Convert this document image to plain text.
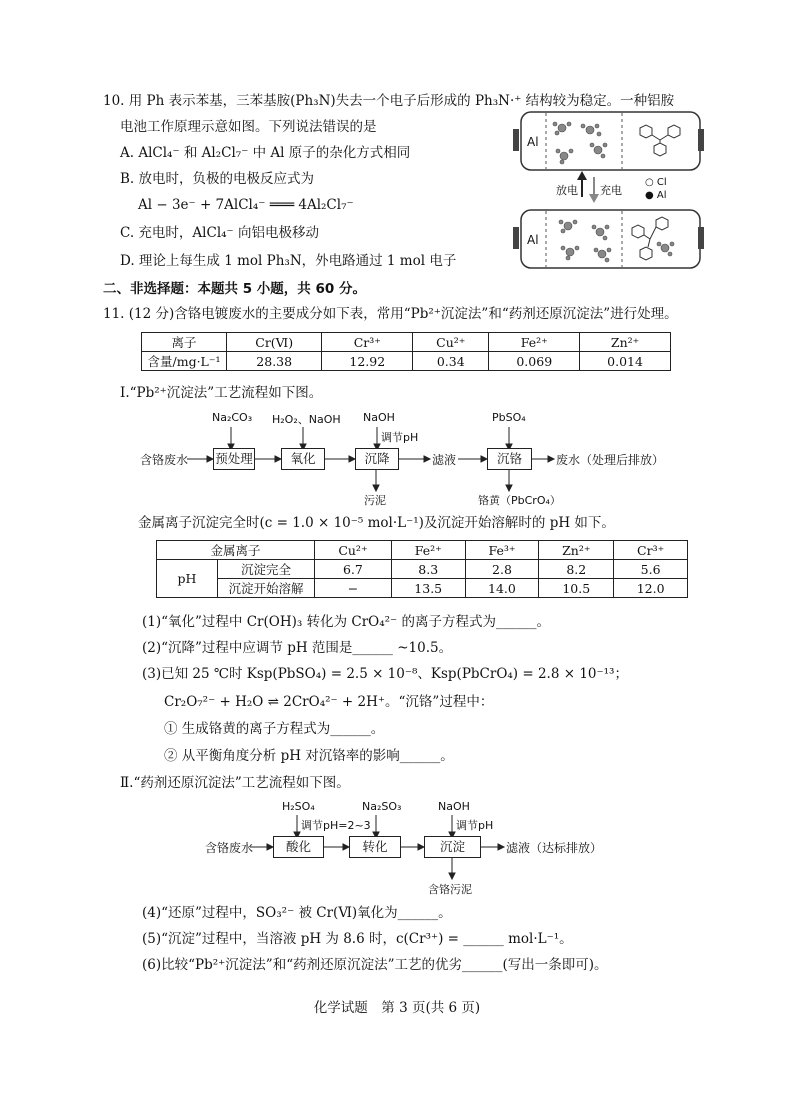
10. 用 Ph 表示苯基，三苯基胺(Ph₃N)失去一个电子后形成的 Ph₃N·⁺ 结构较为稳定。一种铝胺
电池工作原理示意如图。下列说法错误的是
A. AlCl₄⁻ 和 Al₂Cl₇⁻ 中 Al 原子的杂化方式相同
B. 放电时，负极的电极反应式为
Al − 3e⁻ + 7AlCl₄⁻ ═══ 4Al₂Cl₇⁻
C. 充电时，AlCl₄⁻ 向铝电极移动
D. 理论上每生成 1 mol Ph₃N，外电路通过 1 mol 电子
Al
Al
放电 充电
○ Cl
● Al
二、非选择题：本题共 5 小题，共 60 分。
11. (12 分)含铬电镀废水的主要成分如下表，常用“Pb²⁺沉淀法”和“药剂还原沉淀法”进行处理。
离子	Cr(Ⅵ)	Cr³⁺	Cu²⁺	Fe²⁺	Zn²⁺
含量/mg·L⁻¹	28.38	12.92	0.34	0.069	0.014
Ⅰ.“Pb²⁺沉淀法”工艺流程如下图。
含铬废水 预处理	氧化	沉降	滤液	沉铬	废水（处理后排放）
Na₂CO₃ H₂O₂、NaOH NaOH
调节pH
PbSO₄
污泥	铬黄（PbCrO₄）
金属离子沉淀完全时(c = 1.0 × 10⁻⁵ mol·L⁻¹)及沉淀开始溶解时的 pH 如下。
金属离子		Cu²⁺	Fe²⁺	Fe³⁺	Zn²⁺	Cr³⁺
pH	沉淀完全	6.7	8.3	2.8	8.2	5.6
	沉淀开始溶解	−	13.5	14.0	10.5	12.0
(1)“氧化”过程中 Cr(OH)₃ 转化为 CrO₄²⁻ 的离子方程式为______。
(2)“沉降”过程中应调节 pH 范围是______ ~10.5。
(3)已知 25 ℃时 Ksp(PbSO₄) = 2.5 × 10⁻⁸、Ksp(PbCrO₄) = 2.8 × 10⁻¹³；
Cr₂O₇²⁻ + H₂O ⇌ 2CrO₄²⁻ + 2H⁺。“沉铬”过程中：
① 生成铬黄的离子方程式为______。
② 从平衡角度分析 pH 对沉铬率的影响______。
Ⅱ.“药剂还原沉淀法”工艺流程如下图。
含铬废水	酸化	转化	沉淀	滤液（达标排放）
H₂SO₄
调节pH=2~3
Na₂SO₃	NaOH
调节pH
含铬污泥
(4)“还原”过程中，SO₃²⁻ 被 Cr(Ⅵ)氧化为______。
(5)“沉淀”过程中，当溶液 pH 为 8.6 时，c(Cr³⁺) = ______ mol·L⁻¹。
(6)比较“Pb²⁺沉淀法”和“药剂还原沉淀法”工艺的优劣______(写出一条即可)。
化学试题　第 3 页(共 6 页)
